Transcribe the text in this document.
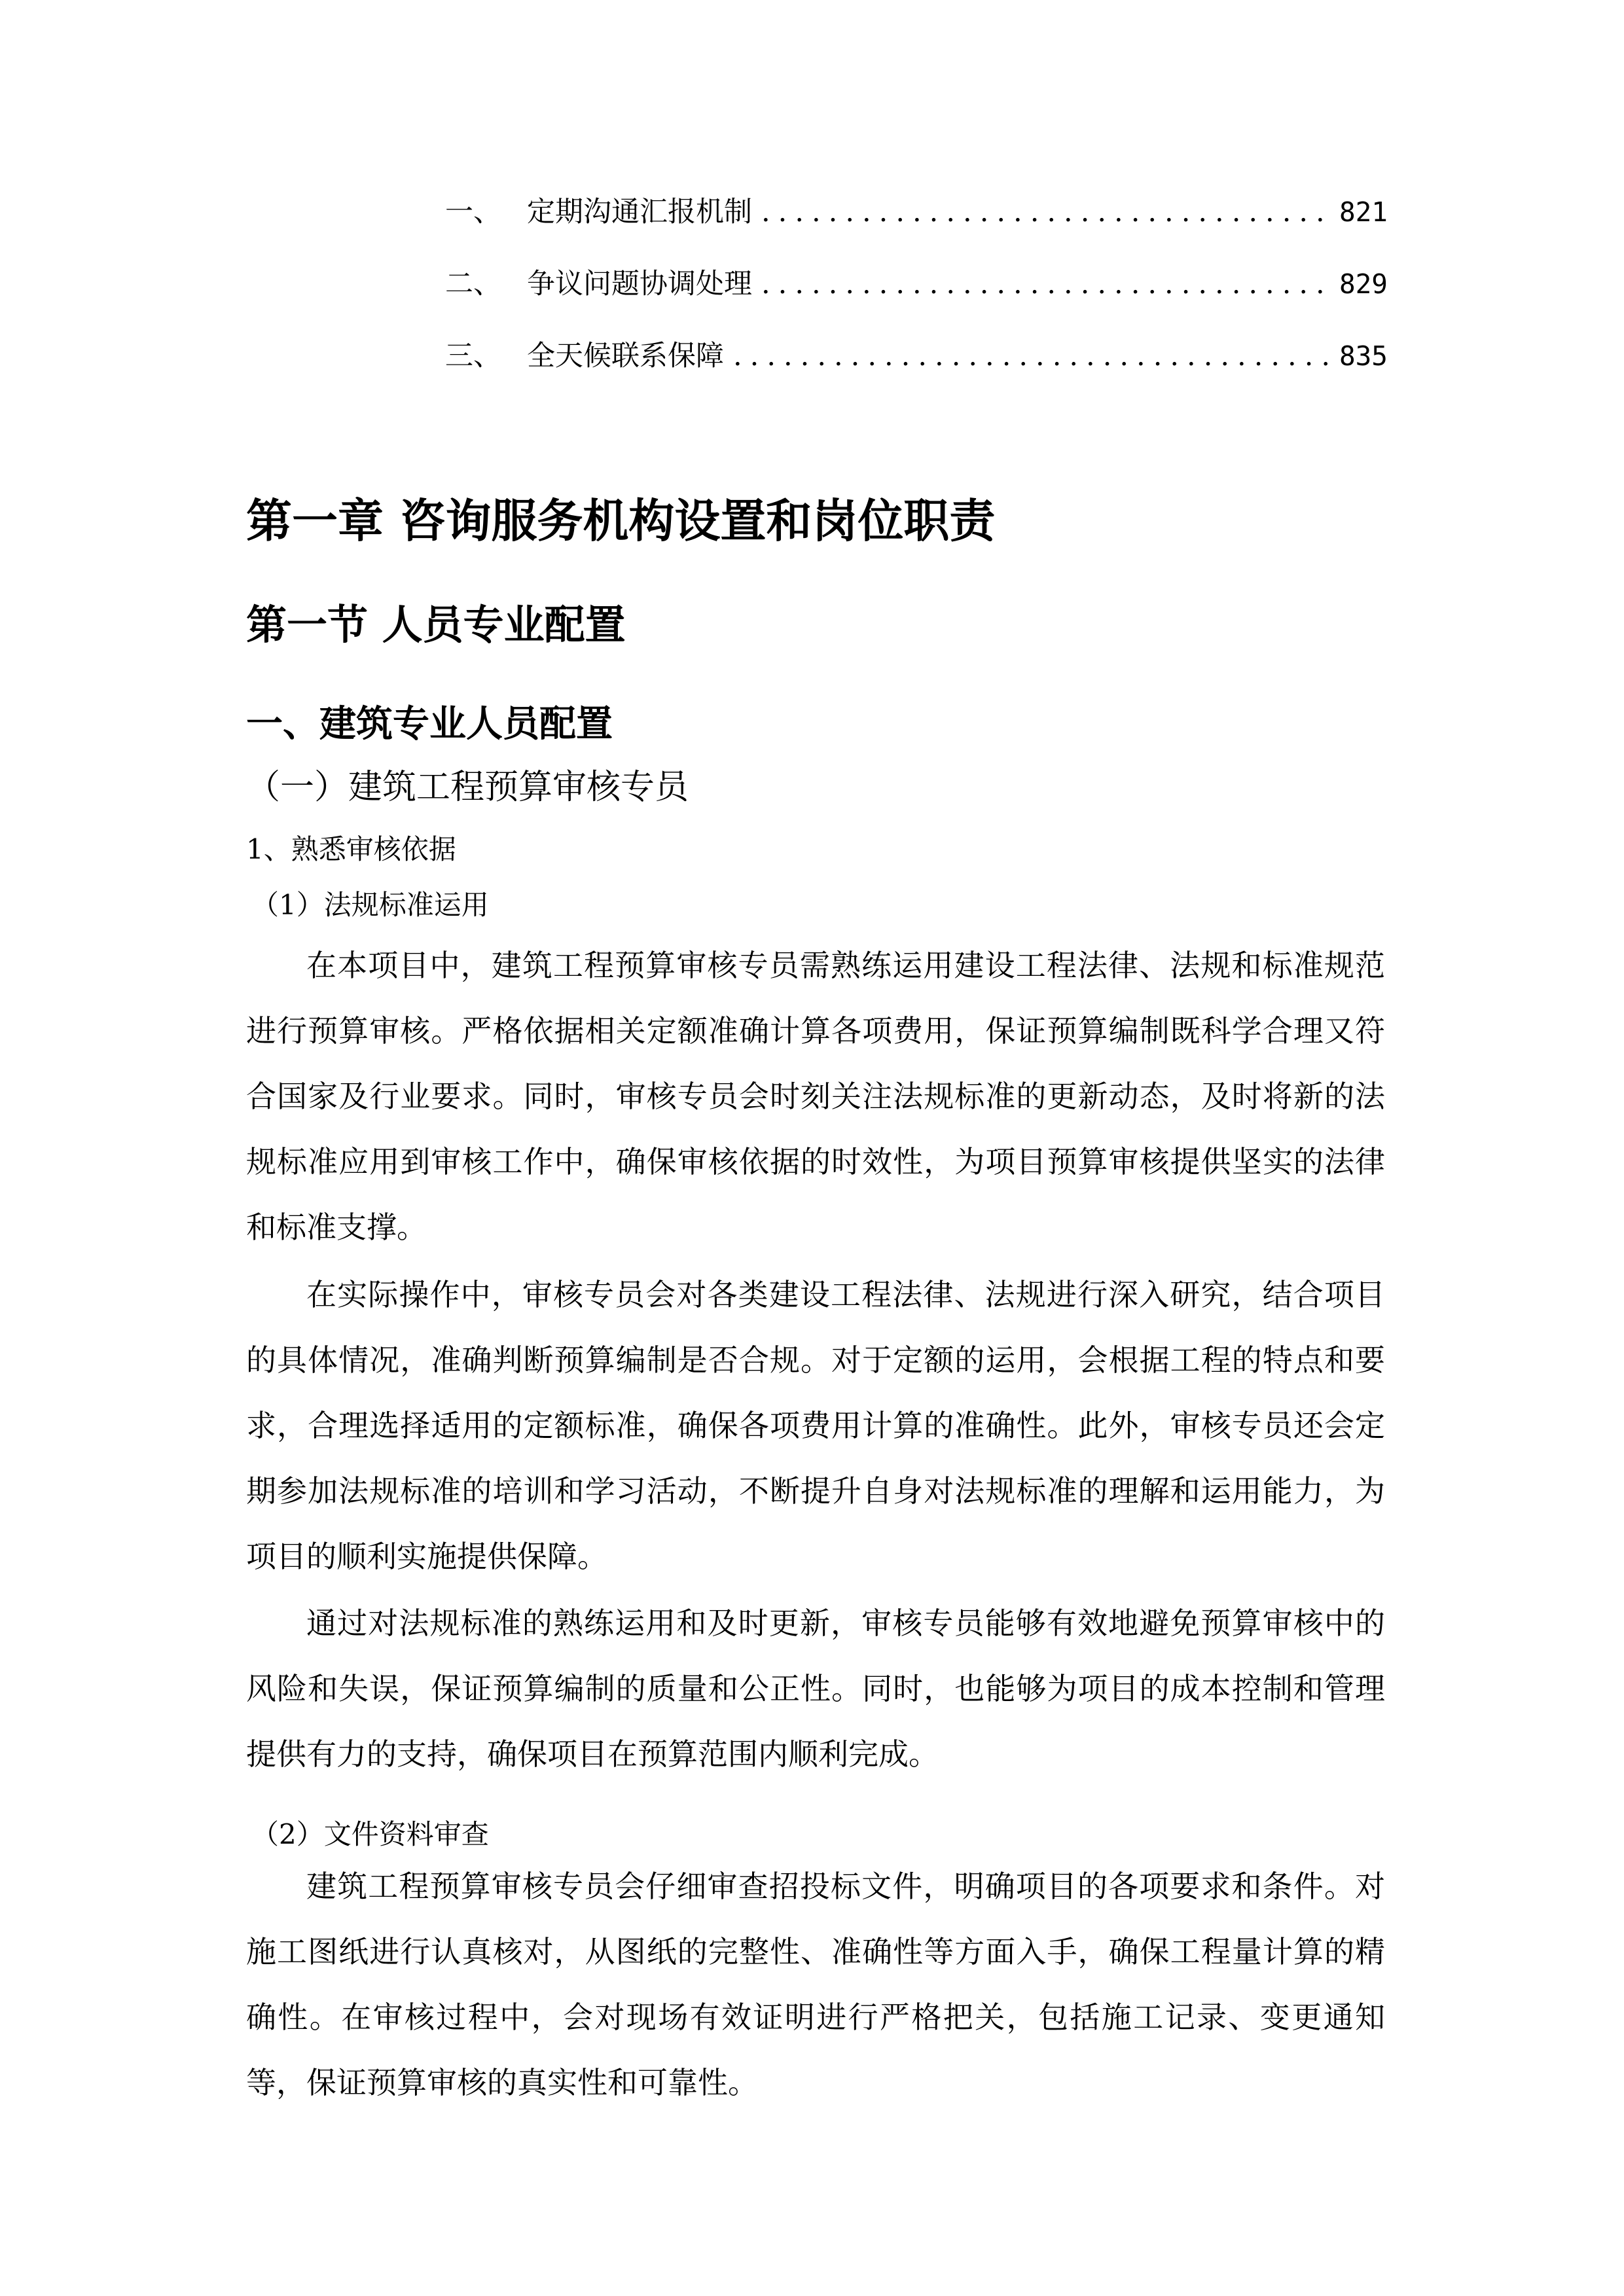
一、 定期沟通汇报机制 .....	821
二、 争议问题协调处理 .....	829
三、 全天候联系保障 .....	835
第一章 咨询服务机构设置和岗位职责
第一节 人员专业配置
一、建筑专业人员配置
（一）建筑工程预算审核专员
1、熟悉审核依据
（1）法规标准运用

在本项目中，建筑工程预算审核专员需熟练运用建设工程法律、法规和标准规范进行预算审核。严格依据相关定额准确计算各项费用，保证预算编制既科学合理又符合国家及行业要求。同时，审核专员会时刻关注法规标准的更新动态，及时将新的法规标准应用到审核工作中，确保审核依据的时效性，为项目预算审核提供坚实的法律和标准支撑。

在实际操作中，审核专员会对各类建设工程法律、法规进行深入研究，结合项目的具体情况，准确判断预算编制是否合规。对于定额的运用，会根据工程的特点和要求，合理选择适用的定额标准，确保各项费用计算的准确性。此外，审核专员还会定期参加法规标准的培训和学习活动，不断提升自身对法规标准的理解和运用能力，为项目的顺利实施提供保障。

通过对法规标准的熟练运用和及时更新，审核专员能够有效地避免预算审核中的风险和失误，保证预算编制的质量和公正性。同时，也能够为项目的成本控制和管理提供有力的支持，确保项目在预算范围内顺利完成。

（2）文件资料审查

建筑工程预算审核专员会仔细审查招投标文件，明确项目的各项要求和条件。对施工图纸进行认真核对，从图纸的完整性、准确性等方面入手，确保工程量计算的精确性。在审核过程中，会对现场有效证明进行严格把关，包括施工记录、变更通知等，保证预算审核的真实性和可靠性。
